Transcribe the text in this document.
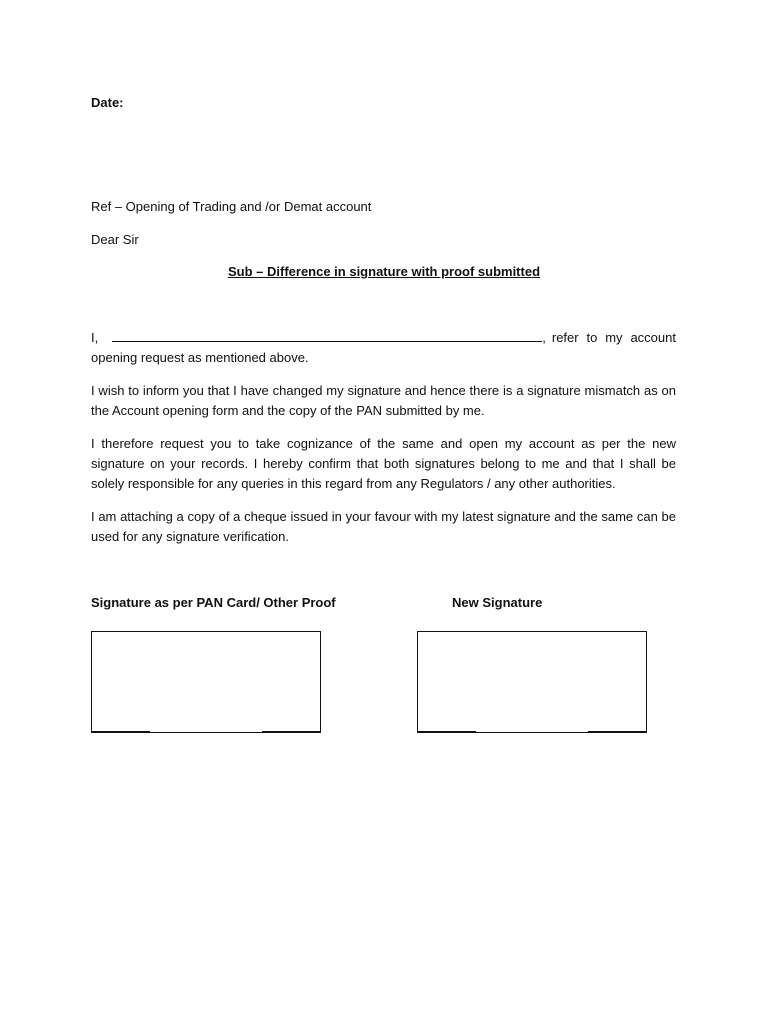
Date:
Ref – Opening of Trading and /or Demat account
Dear Sir
Sub – Difference in signature with proof submitted
I,	, refer to my account
opening request as mentioned above.
I wish to inform you that I have changed my signature and hence there is a signature mismatch as on the Account opening form and the copy of the PAN submitted by me.
I therefore request you to take cognizance of the same and open my account as per the new signature on your records. I hereby confirm that both signatures belong to me and that I shall be solely responsible for any queries in this regard from any Regulators / any other authorities.
I am attaching a copy of a cheque issued in your favour with my latest signature and the same can be used for any signature verification.
Signature as per PAN Card/ Other Proof	New Signature
